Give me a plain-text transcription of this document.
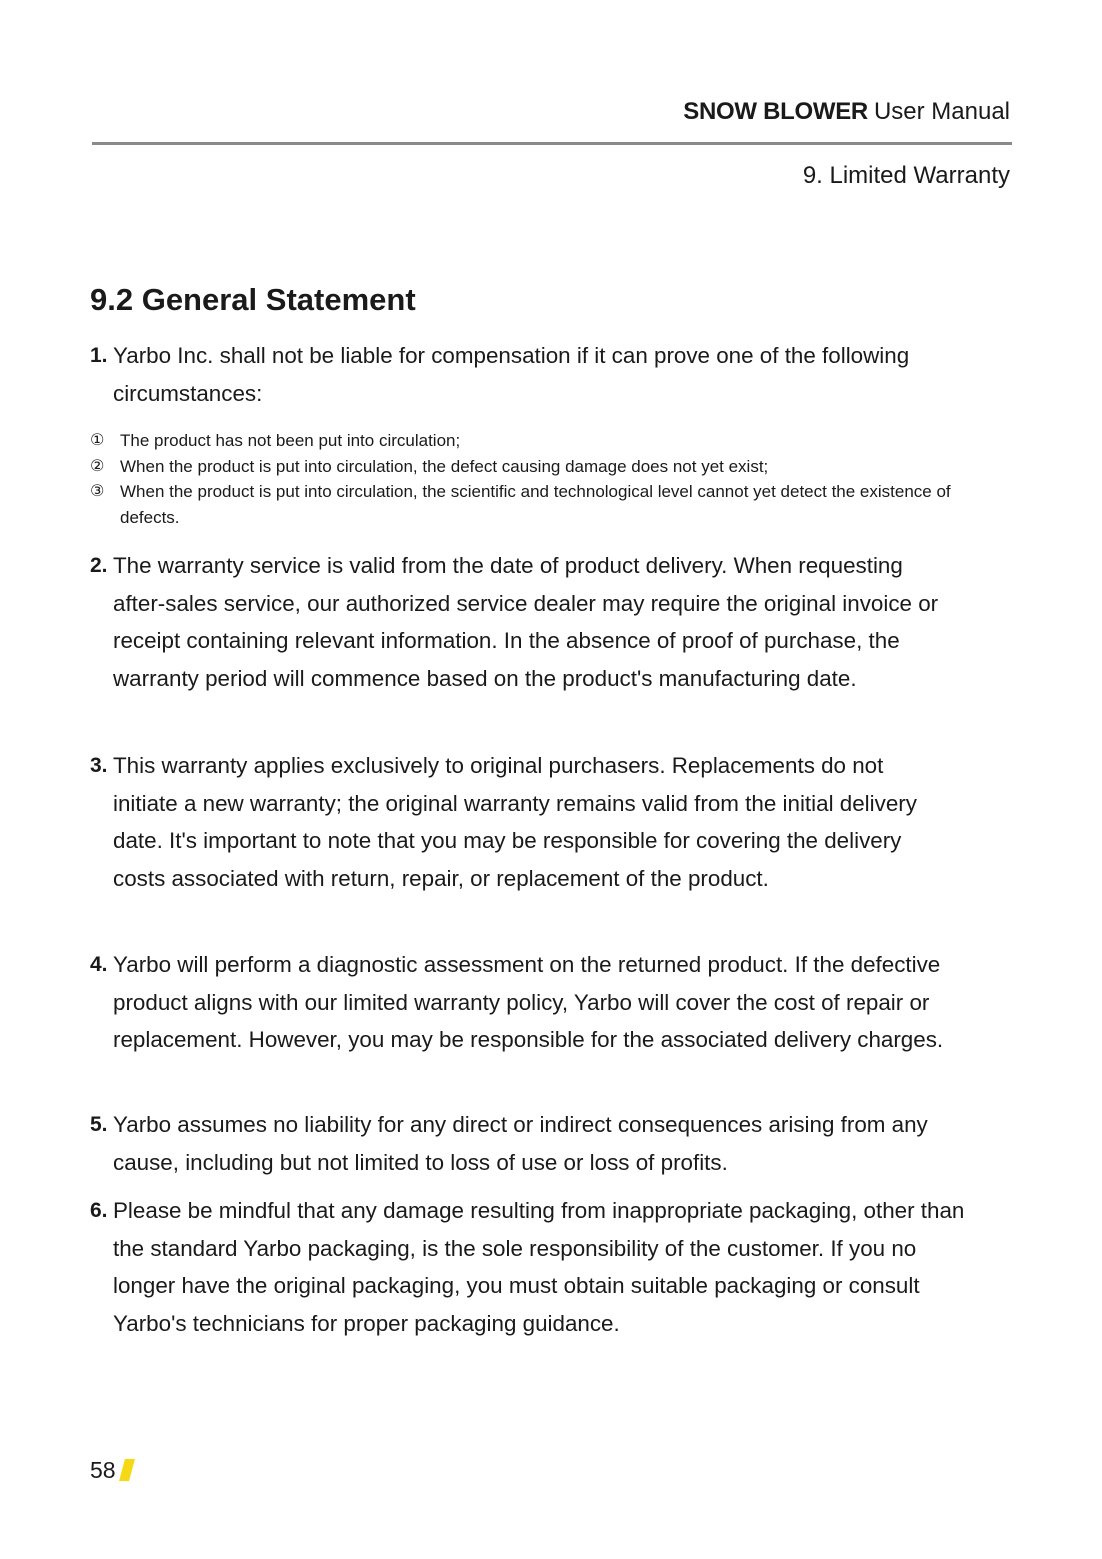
SNOW BLOWER User Manual
9. Limited Warranty
9.2 General Statement

1. Yarbo Inc. shall not be liable for compensation if it can prove one of the following circumstances:

① The product has not been put into circulation;
② When the product is put into circulation, the defect causing damage does not yet exist;
③ When the product is put into circulation, the scientific and technological level cannot yet detect the existence of defects.

2. The warranty service is valid from the date of product delivery. When requesting after-sales service, our authorized service dealer may require the original invoice or receipt containing relevant information. In the absence of proof of purchase, the warranty period will commence based on the product's manufacturing date.

3. This warranty applies exclusively to original purchasers. Replacements do not initiate a new warranty; the original warranty remains valid from the initial delivery date. It's important to note that you may be responsible for covering the delivery costs associated with return, repair, or replacement of the product.

4. Yarbo will perform a diagnostic assessment on the returned product. If the defective product aligns with our limited warranty policy, Yarbo will cover the cost of repair or replacement. However, you may be responsible for the associated delivery charges.

5. Yarbo assumes no liability for any direct or indirect consequences arising from any cause, including but not limited to loss of use or loss of profits.

6. Please be mindful that any damage resulting from inappropriate packaging, other than the standard Yarbo packaging, is the sole responsibility of the customer. If you no longer have the original packaging, you must obtain suitable packaging or consult Yarbo's technicians for proper packaging guidance.

58
